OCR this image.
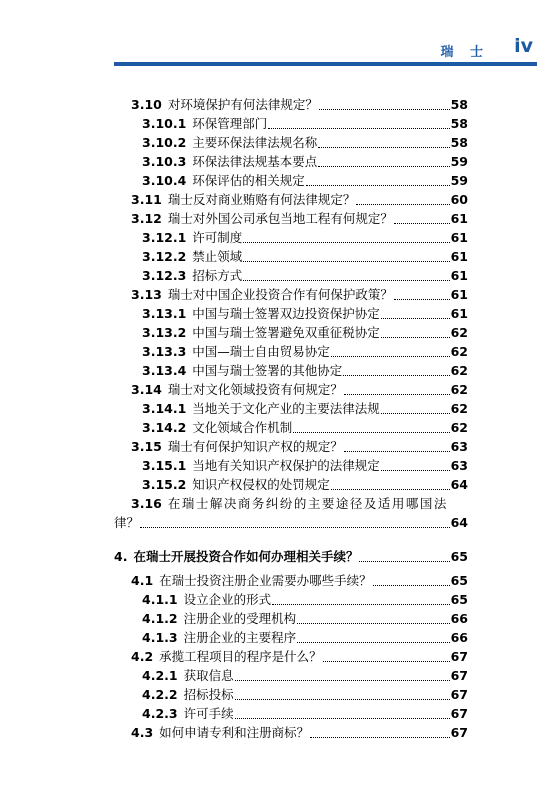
瑞 士 iv
3.10 对环境保护有何法律规定？	58
3.10.1 环保管理部门	58
3.10.2 主要环保法律法规名称	58
3.10.3 环保法律法规基本要点	59
3.10.4 环保评估的相关规定	59
3.11 瑞士反对商业贿赂有何法律规定？	60
3.12 瑞士对外国公司承包当地工程有何规定？	61
3.12.1 许可制度	61
3.12.2 禁止领域	61
3.12.3 招标方式	61
3.13 瑞士对中国企业投资合作有何保护政策？	61
3.13.1 中国与瑞士签署双边投资保护协定	61
3.13.2 中国与瑞士签署避免双重征税协定	62
3.13.3 中国—瑞士自由贸易协定	62
3.13.4 中国与瑞士签署的其他协定	62
3.14 瑞士对文化领域投资有何规定？	62
3.14.1 当地关于文化产业的主要法律法规	62
3.14.2 文化领域合作机制	62
3.15 瑞士有何保护知识产权的规定？	63
3.15.1 当地有关知识产权保护的法律规定	63
3.15.2 知识产权侵权的处罚规定	64
3.16 在瑞士解决商务纠纷的主要途径及适用哪国法
律？	64
4. 在瑞士开展投资合作如何办理相关手续？	65
4.1 在瑞士投资注册企业需要办哪些手续？	65
4.1.1 设立企业的形式	65
4.1.2 注册企业的受理机构	66
4.1.3 注册企业的主要程序	66
4.2 承揽工程项目的程序是什么？	67
4.2.1 获取信息	67
4.2.2 招标投标	67
4.2.3 许可手续	67
4.3 如何申请专利和注册商标？	67
